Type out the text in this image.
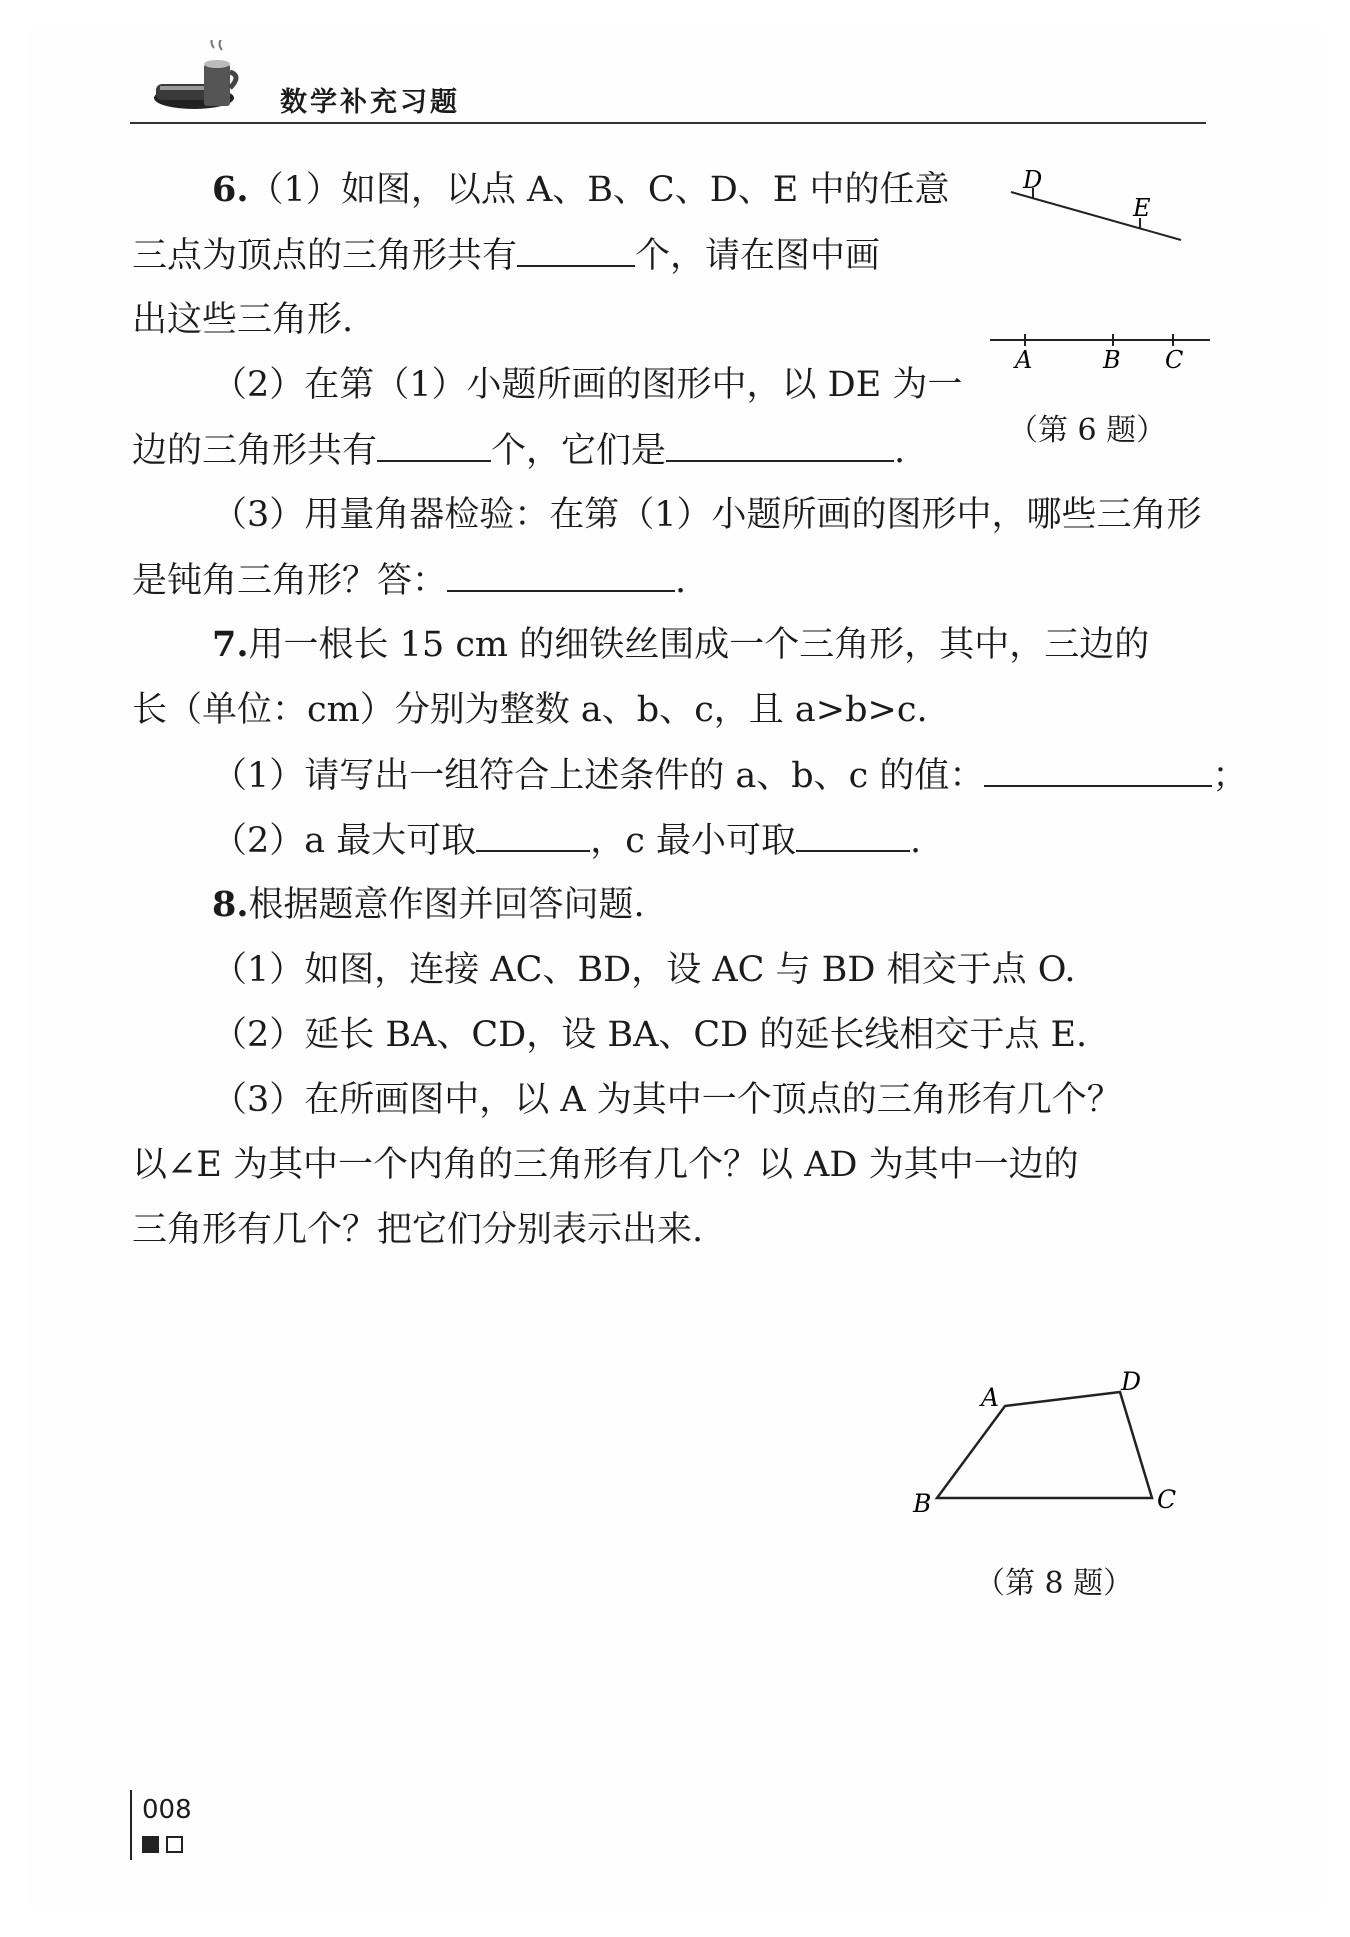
数学补充习题
6.（1）如图，以点 A、B、C、D、E 中的任意
三点为顶点的三角形共有	个，请在图中画
出这些三角形.
（2）在第（1）小题所画的图形中，以 DE 为一
边的三角形共有	个，它们是	.
（3）用量角器检验：在第（1）小题所画的图形中，哪些三角形
是钝角三角形？答：	.
D
E
A	B C
（第 6 题）
7.用一根长 15 cm 的细铁丝围成一个三角形，其中，三边的
长（单位：cm）分别为整数 a、b、c，且 a>b>c.
（1）请写出一组符合上述条件的 a、b、c 的值：	；
（2）a 最大可取	，c 最小可取	.
8.根据题意作图并回答问题.
（1）如图，连接 AC、BD，设 AC 与 BD 相交于点 O.
（2）延长 BA、CD，设 BA、CD 的延长线相交于点 E.
（3）在所画图中，以 A 为其中一个顶点的三角形有几个？
以∠E 为其中一个内角的三角形有几个？以 AD 为其中一边的
三角形有几个？把它们分别表示出来.
A
D
B	C
（第 8 题）
008
